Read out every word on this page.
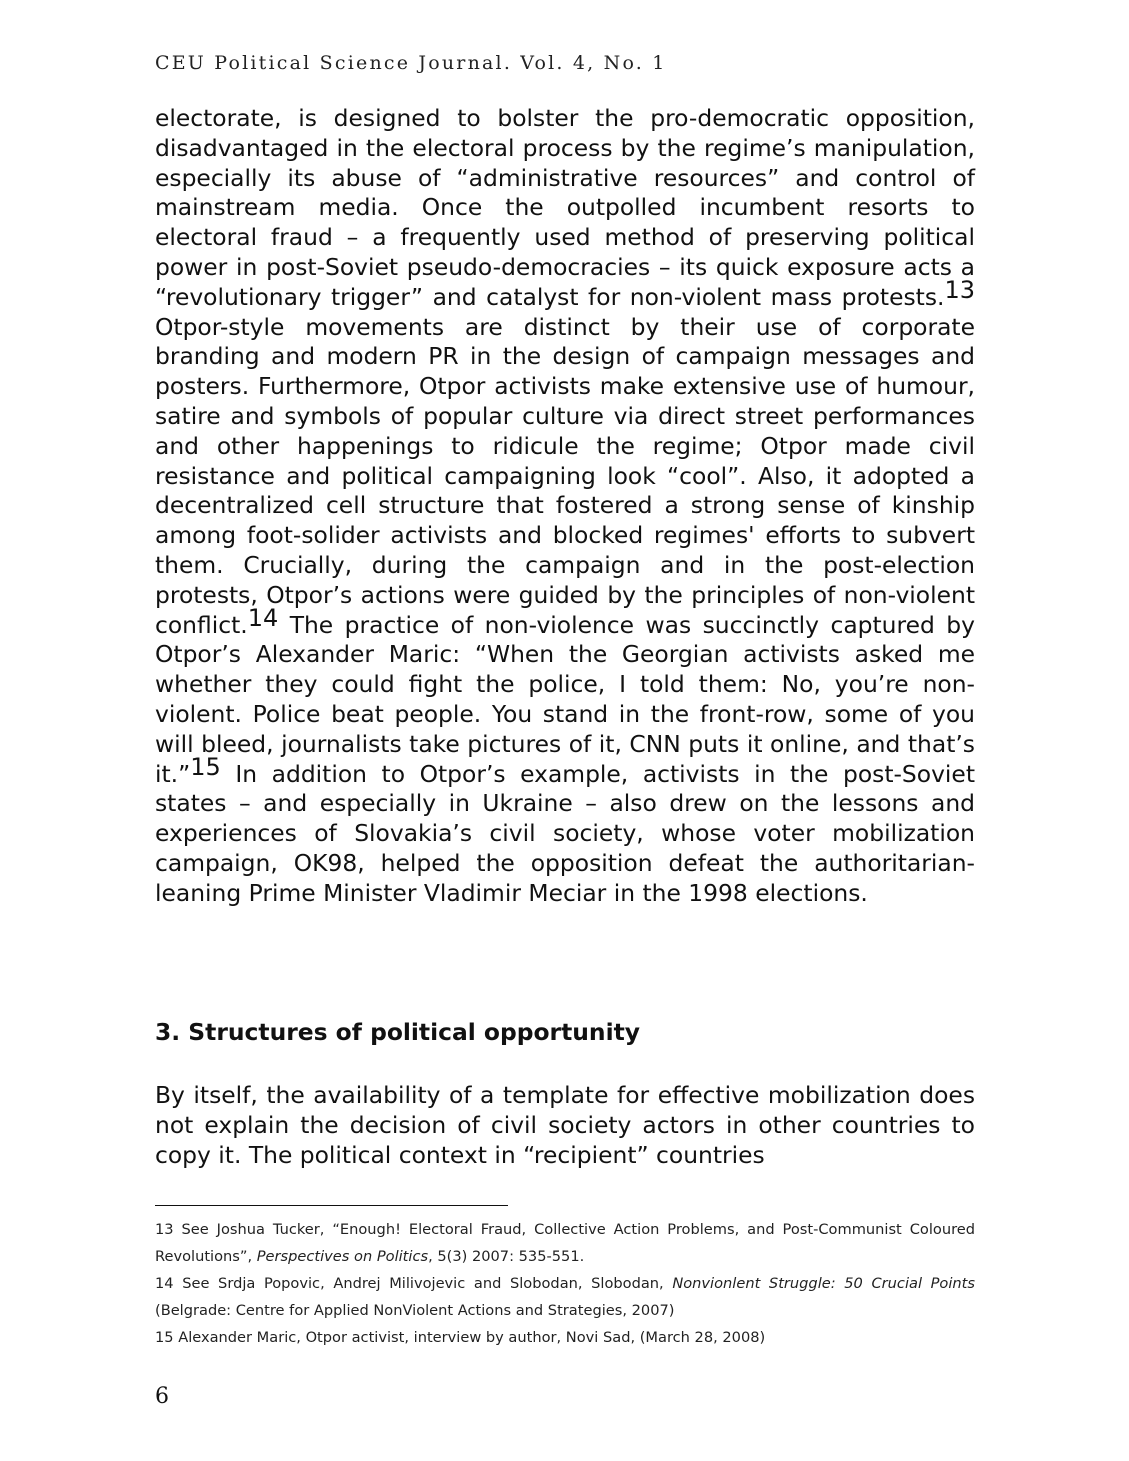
CEU Political Science Journal. Vol. 4, No. 1

electorate, is designed to bolster the pro-democratic opposition, disadvantaged in the electoral process by the regime’s manipulation, especially its abuse of “administrative resources” and control of mainstream media. Once the outpolled incumbent resorts to electoral fraud – a frequently used method of preserving political power in post-Soviet pseudo-democracies – its quick exposure acts a “revolutionary trigger” and catalyst for non-violent mass protests.$^{13}$ Otpor-style movements are distinct by their use of corporate branding and modern PR in the design of campaign messages and posters. Furthermore, Otpor activists make extensive use of humour, satire and symbols of popular culture via direct street performances and other happenings to ridicule the regime; Otpor made civil resistance and political campaigning look “cool”. Also, it adopted a decentralized cell structure that fostered a strong sense of kinship among foot-solider activists and blocked regimes' efforts to subvert them. Crucially, during the campaign and in the post-election protests, Otpor’s actions were guided by the principles of non-violent conflict.$^{14}$ The practice of non-violence was succinctly captured by Otpor’s Alexander Maric: “When the Georgian activists asked me whether they could fight the police, I told them: No, you’re non-violent. Police beat people. You stand in the front-row, some of you will bleed, journalists take pictures of it, CNN puts it online, and that’s it.”$^{15}$ In addition to Otpor’s example, activists in the post-Soviet states – and especially in Ukraine – also drew on the lessons and experiences of Slovakia’s civil society, whose voter mobilization campaign, OK98, helped the opposition defeat the authoritarian-leaning Prime Minister Vladimir Meciar in the 1998 elections.

3. Structures of political opportunity

By itself, the availability of a template for effective mobilization does not explain the decision of civil society actors in other countries to copy it. The political context in “recipient” countries

13 See Joshua Tucker, “Enough! Electoral Fraud, Collective Action Problems, and Post-Communist Coloured Revolutions”, Perspectives on Politics, 5(3) 2007: 535-551.

14 See Srdja Popovic, Andrej Milivojevic and Slobodan, Slobodan, Nonvionlent Struggle: 50 Crucial Points (Belgrade: Centre for Applied NonViolent Actions and Strategies, 2007)

15 Alexander Maric, Otpor activist, interview by author, Novi Sad, (March 28, 2008)

6
